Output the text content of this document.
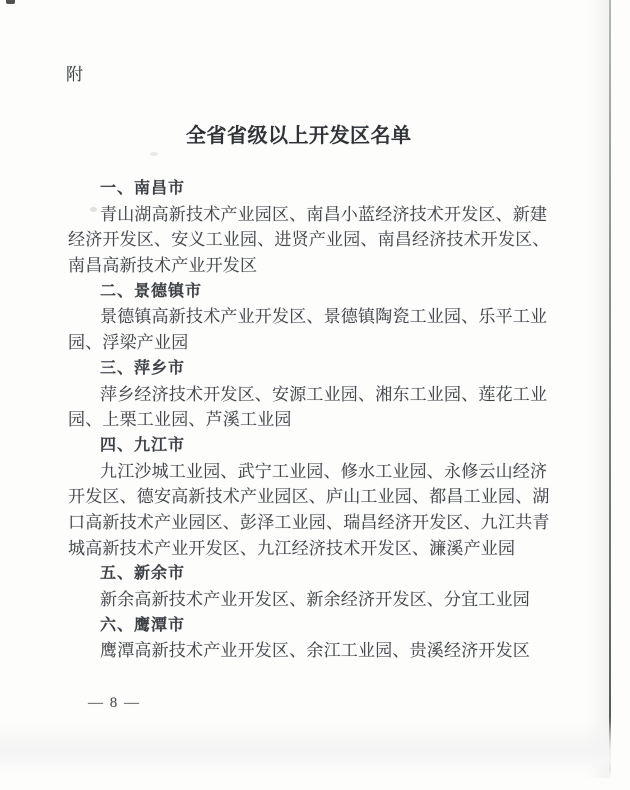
附
全省省级以上开发区名单
一、南昌市
青山湖高新技术产业园区、南昌小蓝经济技术开发区、新建
经济开发区、安义工业园、进贤产业园、南昌经济技术开发区、
南昌高新技术产业开发区
二、景德镇市
景德镇高新技术产业开发区、景德镇陶瓷工业园、乐平工业
园、浮梁产业园
三、萍乡市
萍乡经济技术开发区、安源工业园、湘东工业园、莲花工业
园、上栗工业园、芦溪工业园
四、九江市
九江沙城工业园、武宁工业园、修水工业园、永修云山经济
开发区、德安高新技术产业园区、庐山工业园、都昌工业园、湖
口高新技术产业园区、彭泽工业园、瑞昌经济开发区、九江共青
城高新技术产业开发区、九江经济技术开发区、濂溪产业园
五、新余市
新余高新技术产业开发区、新余经济开发区、分宜工业园
六、鹰潭市
鹰潭高新技术产业开发区、余江工业园、贵溪经济开发区
— 8 —
